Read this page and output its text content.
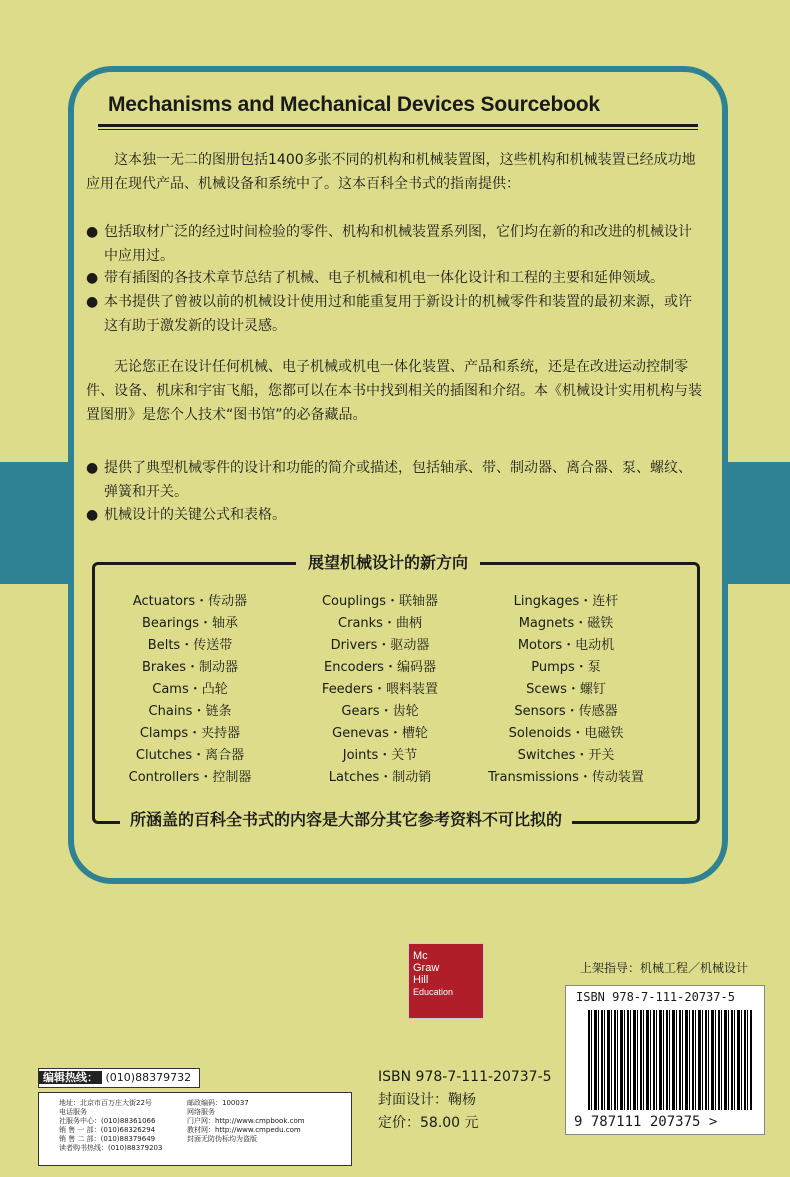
Mechanisms and Mechanical Devices Sourcebook
这本独一无二的图册包括1400多张不同的机构和机械装置图，这些机构和机械装置已经成功地应用在现代产品、机械设备和系统中了。这本百科全书式的指南提供：
● 包括取材广泛的经过时间检验的零件、机构和机械装置系列图，它们均在新的和改进的机械设计中应用过。
● 带有插图的各技术章节总结了机械、电子机械和机电一体化设计和工程的主要和延伸领域。
● 本书提供了曾被以前的机械设计使用过和能重复用于新设计的机械零件和装置的最初来源，或许这有助于激发新的设计灵感。
无论您正在设计任何机械、电子机械或机电一体化装置、产品和系统，还是在改进运动控制零件、设备、机床和宇宙飞船，您都可以在本书中找到相关的插图和介绍。本《机械设计实用机构与装置图册》是您个人技术“图书馆”的必备藏品。
● 提供了典型机械零件的设计和功能的简介或描述，包括轴承、带、制动器、离合器、泵、螺纹、弹簧和开关。
● 机械设计的关键公式和表格。
展望机械设计的新方向
Actuators・传动器
Bearings・轴承
Belts・传送带
Brakes・制动器
Cams・凸轮
Chains・链条
Clamps・夹持器
Clutches・离合器
Controllers・控制器
Couplings・联轴器
Cranks・曲柄
Drivers・驱动器
Encoders・编码器
Feeders・喂料装置
Gears・齿轮
Genevas・槽轮
Joints・关节
Latches・制动销
Lingkages・连杆
Magnets・磁铁
Motors・电动机
Pumps・泵
Scews・螺钉
Sensors・传感器
Solenoids・电磁铁
Switches・开关
Transmissions・传动装置
所涵盖的百科全书式的内容是大部分其它参考资料不可比拟的
Mc
Graw
Hill
Education
上架指导：机械工程／机械设计
ISBN 978-7-111-20737-5
9 787111 207375 >
编辑热线： (010)88379732
地址：北京市百万庄大街22号
电话服务
社服务中心：(010)88361066
销 售 一 部：(010)68326294
销 售 二 部：(010)88379649
读者购书热线：(010)88379203
邮政编码：100037
网络服务
门户网：http://www.cmpbook.com
教材网：http://www.cmpedu.com
封面无防伪标均为盗版
ISBN 978-7-111-20737-5
封面设计：鞠杨
定价：58.00 元
